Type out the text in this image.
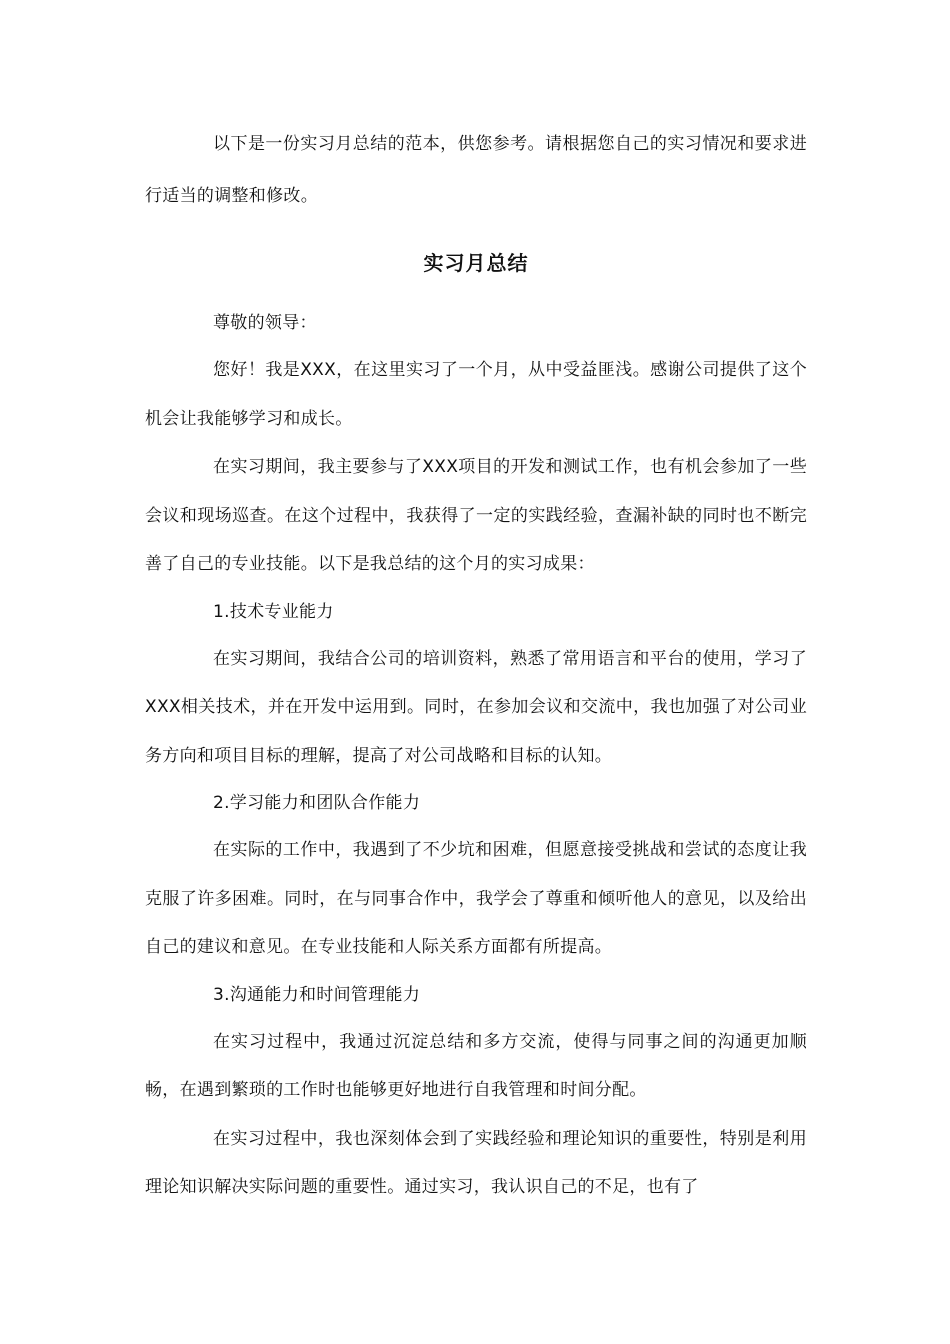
以下是一份实习月总结的范本，供您参考。请根据您自己的实习情况和要求进行适当的调整和修改。

实习月总结

尊敬的领导：

您好！我是XXX，在这里实习了一个月，从中受益匪浅。感谢公司提供了这个机会让我能够学习和成长。

在实习期间，我主要参与了XXX项目的开发和测试工作，也有机会参加了一些会议和现场巡查。在这个过程中，我获得了一定的实践经验，查漏补缺的同时也不断完善了自己的专业技能。以下是我总结的这个月的实习成果：

1.技术专业能力

在实习期间，我结合公司的培训资料，熟悉了常用语言和平台的使用，学习了XXX相关技术，并在开发中运用到。同时，在参加会议和交流中，我也加强了对公司业务方向和项目目标的理解，提高了对公司战略和目标的认知。

2.学习能力和团队合作能力

在实际的工作中，我遇到了不少坑和困难，但愿意接受挑战和尝试的态度让我克服了许多困难。同时，在与同事合作中，我学会了尊重和倾听他人的意见，以及给出自己的建议和意见。在专业技能和人际关系方面都有所提高。

3.沟通能力和时间管理能力

在实习过程中，我通过沉淀总结和多方交流，使得与同事之间的沟通更加顺畅，在遇到繁琐的工作时也能够更好地进行自我管理和时间分配。

在实习过程中，我也深刻体会到了实践经验和理论知识的重要性，特别是利用理论知识解决实际问题的重要性。通过实习，我认识自己的不足，也有了
